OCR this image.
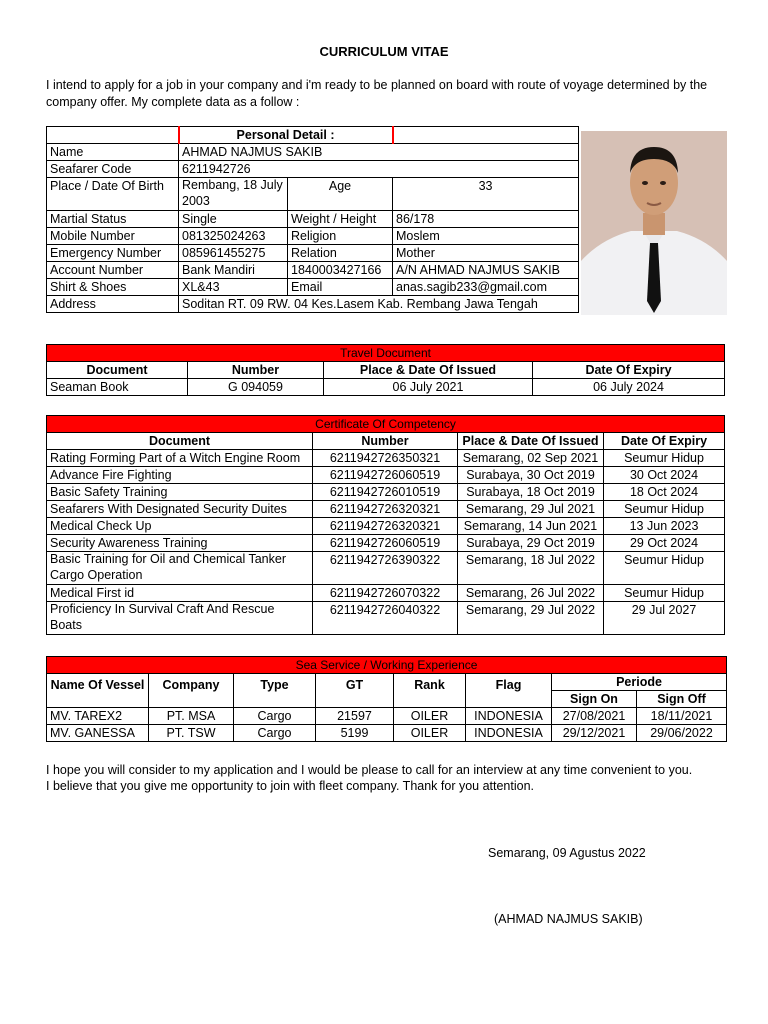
CURRICULUM VITAE
I intend to apply for a job in your company and i'm ready to be planned on board with route of voyage determined by the company offer. My complete data as a follow :
	Personal Detail :		
Name	AHMAD NAJMUS SAKIB		
Seafarer Code	6211942726		
Place / Date Of Birth	Rembang, 18 July 2003	Age	33
Martial Status	Single	Weight / Height	86/178
Mobile Number	081325024263	Religion	Moslem
Emergency Number	085961455275	Relation	Mother
Account Number	Bank Mandiri	1840003427166	A/N AHMAD NAJMUS SAKIB
Shirt & Shoes	XL&43	Email	anas.sagib233@gmail.com
Address	Soditan RT. 09 RW. 04 Kes.Lasem Kab. Rembang Jawa Tengah		
Travel Document			
Document	Number	Place & Date Of Issued	Date Of Expiry
Seaman Book	G 094059	06 July 2021	06 July 2024
Certificate Of Competency			
Document	Number	Place & Date Of Issued	Date Of Expiry
Rating Forming Part of a Witch Engine Room	6211942726350321	Semarang, 02 Sep 2021	Seumur Hidup
Advance Fire Fighting	6211942726060519	Surabaya, 30 Oct 2019	30 Oct 2024
Basic Safety Training	6211942726010519	Surabaya, 18 Oct 2019	18 Oct 2024
Seafarers With Designated Security Duites	6211942726320321	Semarang, 29 Jul 2021	Seumur Hidup
Medical Check Up	6211942726320321	Semarang, 14 Jun 2021	13 Jun 2023
Security Awareness Training	6211942726060519	Surabaya, 29 Oct 2019	29 Oct 2024
Basic Training for Oil and Chemical Tanker Cargo Operation	6211942726390322	Semarang, 18 Jul 2022	Seumur Hidup
Medical First id	6211942726070322	Semarang, 26 Jul 2022	Seumur Hidup
Proficiency In Survival Craft And Rescue Boats	6211942726040322	Semarang, 29 Jul 2022	29 Jul 2027
Sea Service / Working Experience							
Name Of Vessel	Company	Type	GT	Rank	Flag	Periode	
						Sign On	Sign Off
MV. TAREX2	PT. MSA	Cargo	21597	OILER	INDONESIA	27/08/2021	18/11/2021
MV. GANESSA	PT. TSW	Cargo	5199	OILER	INDONESIA	29/12/2021	29/06/2022
I hope you will consider to my application and I would be please to call for an interview at any time convenient to you.
I believe that you give me opportunity to join with fleet company. Thank for you attention.
Semarang, 09 Agustus 2022
(AHMAD NAJMUS SAKIB)
